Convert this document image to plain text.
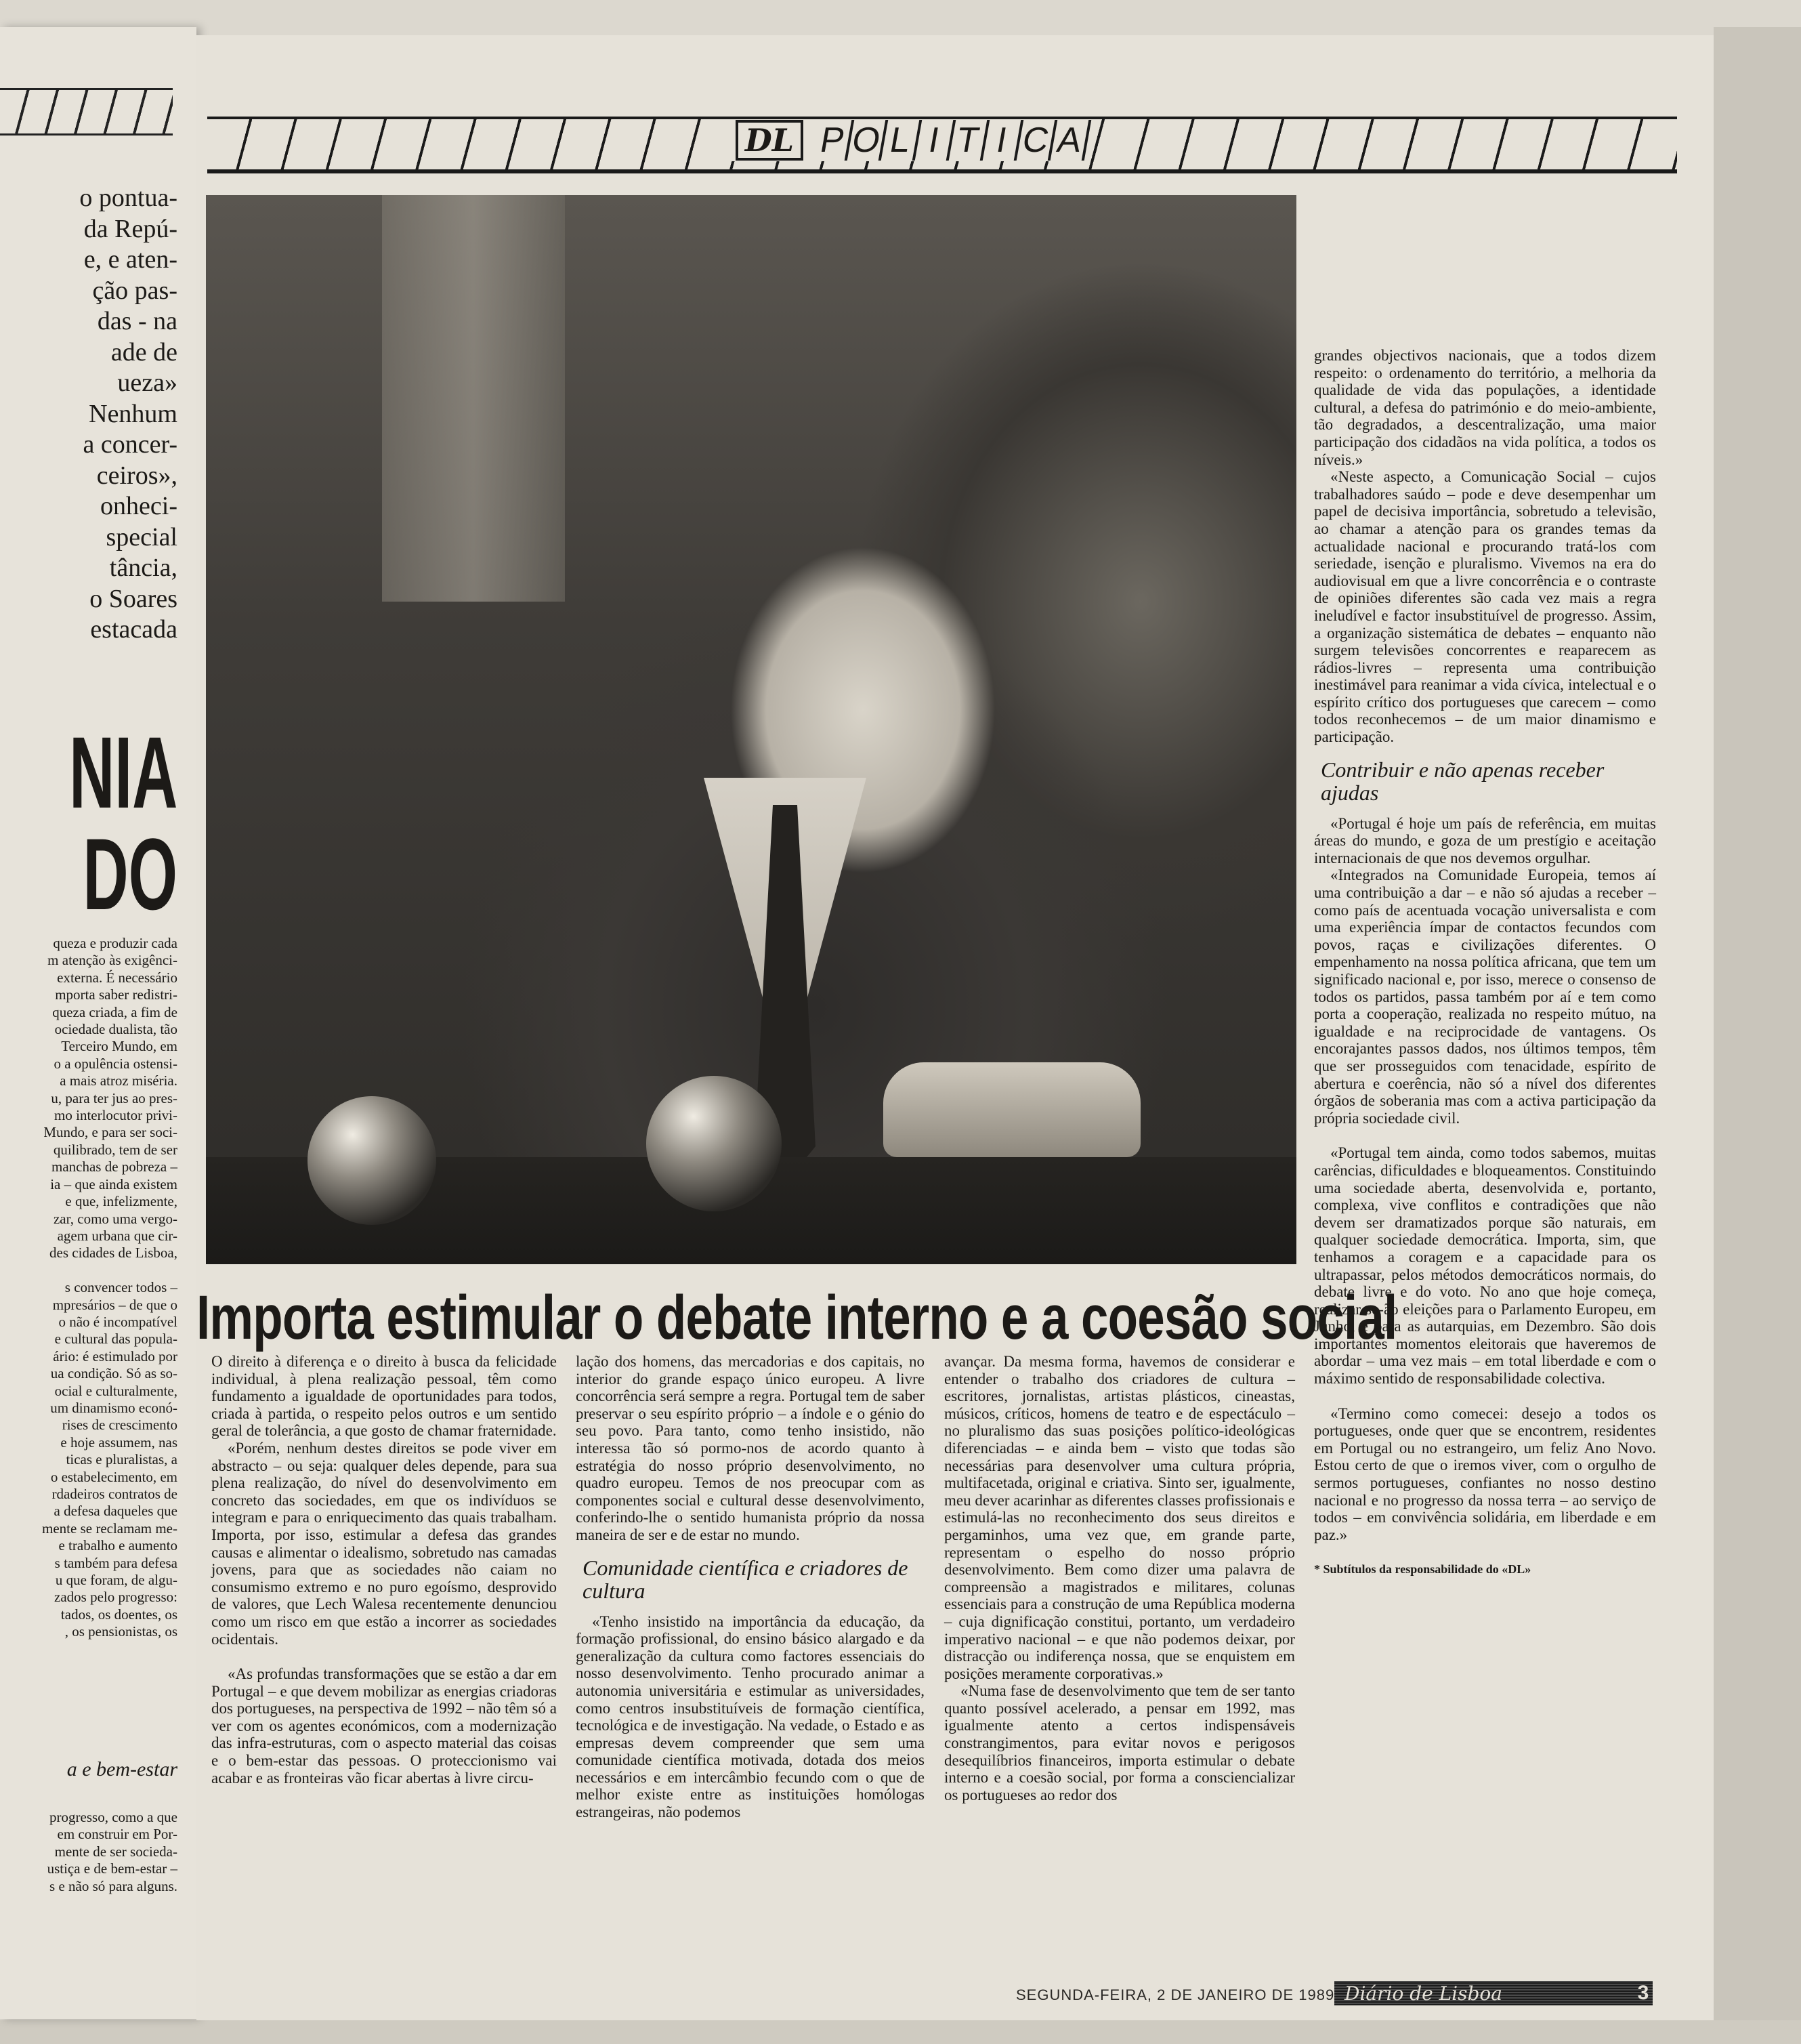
o pontua-
da Repú-
e, e aten-
ção pas-
das - na
ade de
ueza»
Nenhum
a concer-
ceiros»,
onheci-
special
tância,
o Soares
estacada
NIA
DO
queza e produzir cada
m atenção às exigênci-
externa. É necessário
mporta saber redistri-
queza criada, a fim de
ociedade dualista, tão
Terceiro Mundo, em
o a opulência ostensi-
a mais atroz miséria.
u, para ter jus ao pres-
mo interlocutor privi-
Mundo, e para ser soci-
quilibrado, tem de ser
manchas de pobreza –
ia – que ainda existem
e que, infelizmente,
zar, como uma vergo-
agem urbana que cir-
des cidades de Lisboa,

s convencer todos –
mpresários – de que o
o não é incompatível
e cultural das popula-
ário: é estimulado por
ua condição. Só as so-
ocial e culturalmente,
um dinamismo econó-
rises de crescimento
e hoje assumem, nas
ticas e pluralistas, a
o estabelecimento, em
rdadeiros contratos de
a defesa daqueles que
mente se reclamam me-
e trabalho e aumento
s também para defesa
u que foram, de algu-
zados pelo progresso:
tados, os doentes, os
, os pensionistas, os
a e bem-estar
progresso, como a que
em construir em Por-
mente de ser socieda-
ustiça e de bem-estar –
s e não só para alguns.
DL P O L I T I C A
Importa estimular o debate interno e a coesão social

O direito à diferença e o direito à busca da felicidade individual, à plena realização pessoal, têm como fundamento a igualdade de oportunidades para todos, criada à partida, o respeito pelos outros e um sentido geral de tolerância, a que gosto de chamar fraternidade.

«Porém, nenhum destes direitos se pode viver em abstracto – ou seja: qualquer deles depende, para sua plena realização, do nível do desenvolvimento em concreto das sociedades, em que os indivíduos se integram e para o enriquecimento das quais trabalham. Importa, por isso, estimular a defesa das grandes causas e alimentar o idealismo, sobretudo nas camadas jovens, para que as sociedades não caiam no consumismo extremo e no puro egoísmo, desprovido de valores, que Lech Walesa recentemente denunciou como um risco em que estão a incorrer as sociedades ocidentais.

«As profundas transformações que se estão a dar em Portugal – e que devem mobilizar as energias criadoras dos portugueses, na perspectiva de 1992 – não têm só a ver com os agentes económicos, com a modernização das infra-estruturas, com o aspecto material das coisas e o bem-estar das pessoas. O proteccionismo vai acabar e as fronteiras vão ficar abertas à livre circu-

lação dos homens, das mercadorias e dos capitais, no interior do grande espaço único europeu. A livre concorrência será sempre a regra. Portugal tem de saber preservar o seu espírito próprio – a índole e o génio do seu povo. Para tanto, como tenho insistido, não interessa tão só pormo-nos de acordo quanto à estratégia do nosso próprio desenvolvimento, no quadro europeu. Temos de nos preocupar com as componentes social e cultural desse desenvolvimento, conferindo-lhe o sentido humanista próprio da nossa maneira de ser e de estar no mundo.

Comunidade científica e criadores de cultura

«Tenho insistido na importância da educação, da formação profissional, do ensino básico alargado e da generalização da cultura como factores essenciais do nosso desenvolvimento. Tenho procurado animar a autonomia universitária e estimular as universidades, como centros insubstituíveis de formação científica, tecnológica e de investigação. Na vedade, o Estado e as empresas devem compreender que sem uma comunidade científica motivada, dotada dos meios necessários e em intercâmbio fecundo com o que de melhor existe entre as instituições homólogas estrangeiras, não podemos

avançar. Da mesma forma, havemos de considerar e entender o trabalho dos criadores de cultura – escritores, jornalistas, artistas plásticos, cineastas, músicos, críticos, homens de teatro e de espectáculo – no pluralismo das suas posições político-ideológicas diferenciadas – e ainda bem – visto que todas são necessárias para desenvolver uma cultura própria, multifacetada, original e criativa. Sinto ser, igualmente, meu dever acarinhar as diferentes classes profissionais e estimulá-las no reconhecimento dos seus direitos e pergaminhos, uma vez que, em grande parte, representam o espelho do nosso próprio desenvolvimento. Bem como dizer uma palavra de compreensão a magistrados e militares, colunas essenciais para a construção de uma República moderna – cuja dignificação constitui, portanto, um verdadeiro imperativo nacional – e que não podemos deixar, por distracção ou indiferença nossa, que se enquistem em posições meramente corporativas.»

«Numa fase de desenvolvimento que tem de ser tanto quanto possível acelerado, a pensar em 1992, mas igualmente atento a certos indispensáveis constrangimentos, para evitar novos e perigosos desequilíbrios financeiros, importa estimular o debate interno e a coesão social, por forma a consciencializar os portugueses ao redor dos

grandes objectivos nacionais, que a todos dizem respeito: o ordenamento do território, a melhoria da qualidade de vida das populações, a identidade cultural, a defesa do património e do meio-ambiente, tão degradados, a descentralização, uma maior participação dos cidadãos na vida política, a todos os níveis.»

«Neste aspecto, a Comunicação Social – cujos trabalhadores saúdo – pode e deve desempenhar um papel de decisiva importância, sobretudo a televisão, ao chamar a atenção para os grandes temas da actualidade nacional e procurando tratá-los com seriedade, isenção e pluralismo. Vivemos na era do audiovisual em que a livre concorrência e o contraste de opiniões diferentes são cada vez mais a regra ineludível e factor insubstituível de progresso. Assim, a organização sistemática de debates – enquanto não surgem televisões concorrentes e reaparecem as rádios-livres – representa uma contribuição inestimável para reanimar a vida cívica, intelectual e o espírito crítico dos portugueses que carecem – como todos reconhecemos – de um maior dinamismo e participação.

Contribuir e não apenas receber ajudas

«Portugal é hoje um país de referência, em muitas áreas do mundo, e goza de um prestígio e aceitação internacionais de que nos devemos orgulhar.

«Integrados na Comunidade Europeia, temos aí uma contribuição a dar – e não só ajudas a receber – como país de acentuada vocação universalista e com uma experiência ímpar de contactos fecundos com povos, raças e civilizações diferentes. O empenhamento na nossa política africana, que tem um significado nacional e, por isso, merece o consenso de todos os partidos, passa também por aí e tem como porta a cooperação, realizada no respeito mútuo, na igualdade e na reciprocidade de vantagens. Os encorajantes passos dados, nos últimos tempos, têm que ser prosseguidos com tenacidade, espírito de abertura e coerência, não só a nível dos diferentes órgãos de soberania mas com a activa participação da própria sociedade civil.

«Portugal tem ainda, como todos sabemos, muitas carências, dificuldades e bloqueamentos. Constituindo uma sociedade aberta, desenvolvida e, portanto, complexa, vive conflitos e contradições que não devem ser dramatizados porque são naturais, em qualquer sociedade democrática. Importa, sim, que tenhamos a coragem e a capacidade para os ultrapassar, pelos métodos democráticos normais, do debate livre e do voto. No ano que hoje começa, realizar-se-ão eleições para o Parlamento Europeu, em Junho, e para as autarquias, em Dezembro. São dois importantes momentos eleitorais que haveremos de abordar – uma vez mais – em total liberdade e com o máximo sentido de responsabilidade colectiva.

«Termino como comecei: desejo a todos os portugueses, onde quer que se encontrem, residentes em Portugal ou no estrangeiro, um feliz Ano Novo. Estou certo de que o iremos viver, com o orgulho de sermos portugueses, confiantes no nosso destino nacional e no progresso da nossa terra – ao serviço de todos – em convivência solidária, em liberdade e em paz.»

* Subtítulos da responsabilidade do «DL»
SEGUNDA-FEIRA, 2 DE JANEIRO DE 1989 Diário de Lisboa	3
